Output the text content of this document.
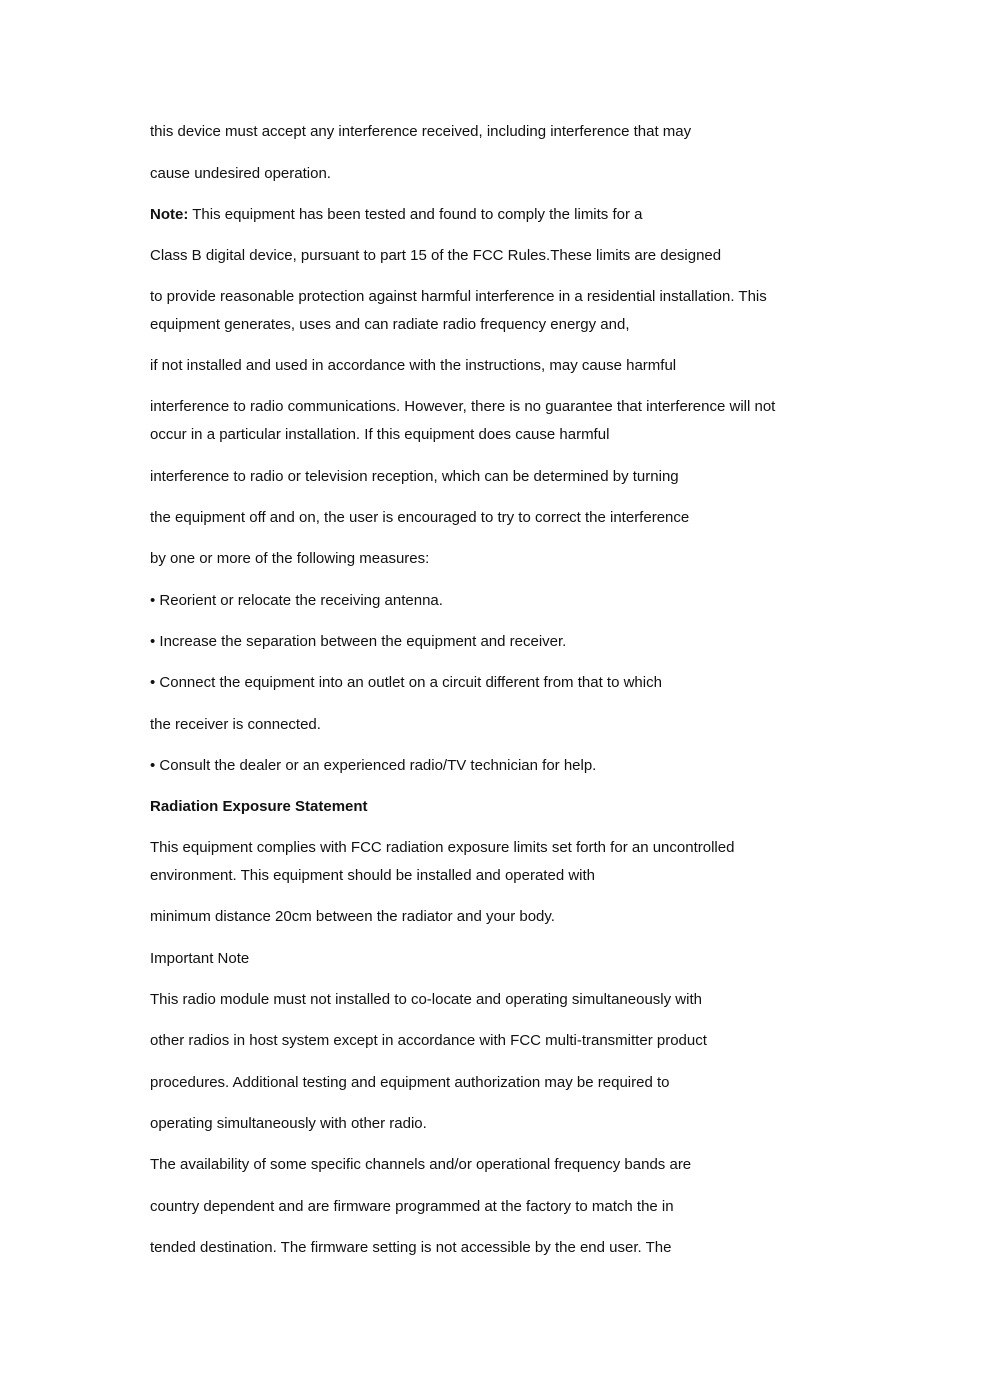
this device must accept any interference received, including interference that may

cause undesired operation.

Note: This equipment has been tested and found to comply the limits for a

Class B digital device, pursuant to part 15 of the FCC Rules.These limits are designed

to provide reasonable protection against harmful interference in a residential installation. This
equipment generates, uses and can radiate radio frequency energy and,

if not installed and used in accordance with the instructions, may cause harmful

interference to radio communications. However, there is no guarantee that interference will not
occur in a particular installation. If this equipment does cause harmful

interference to radio or television reception, which can be determined by turning

the equipment off and on, the user is encouraged to try to correct the interference

by one or more of the following measures:

• Reorient or relocate the receiving antenna.

• Increase the separation between the equipment and receiver.

• Connect the equipment into an outlet on a circuit different from that to which

the receiver is connected.

• Consult the dealer or an experienced radio/TV technician for help.

Radiation Exposure Statement

This equipment complies with FCC radiation exposure limits set forth for an uncontrolled
environment. This equipment should be installed and operated with

minimum distance 20cm between the radiator and your body.

Important Note

This radio module must not installed to co-locate and operating simultaneously with

other radios in host system except in accordance with FCC multi-transmitter product

procedures. Additional testing and equipment authorization may be required to

operating simultaneously with other radio.

The availability of some specific channels and/or operational frequency bands are

country dependent and are firmware programmed at the factory to match the in

tended destination. The firmware setting is not accessible by the end user. The
